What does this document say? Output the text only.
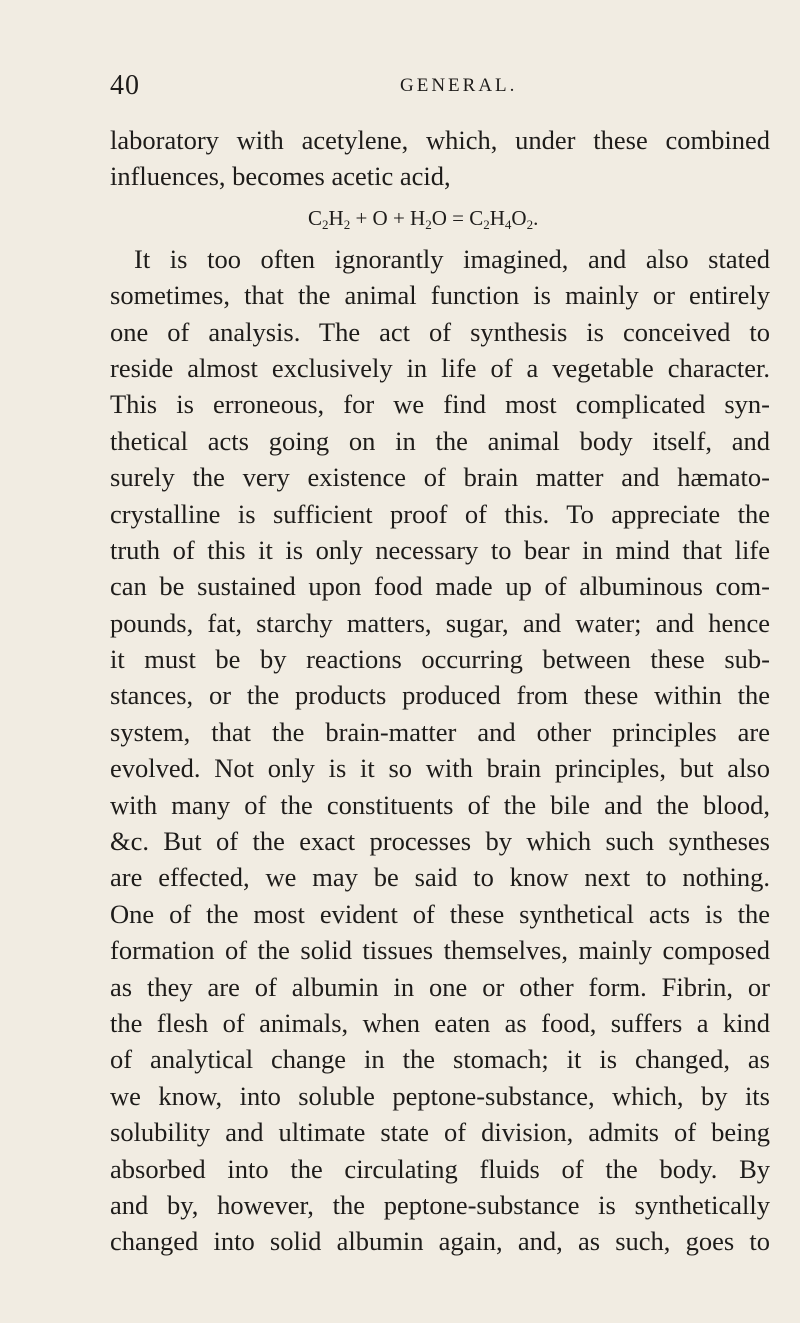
40	GENERAL.
laboratory with acetylene, which, under these combined
influences, becomes acetic acid,
$C_2H_2 + O + H_2O = C_2H_4O_2$.
It is too often ignorantly imagined, and also stated
sometimes, that the animal function is mainly or entirely
one of analysis. The act of synthesis is conceived to
reside almost exclusively in life of a vegetable character.
This is erroneous, for we find most complicated syn-
thetical acts going on in the animal body itself, and
surely the very existence of brain matter and hæmato-
crystalline is sufficient proof of this. To appreciate the
truth of this it is only necessary to bear in mind that life
can be sustained upon food made up of albuminous com-
pounds, fat, starchy matters, sugar, and water; and hence
it must be by reactions occurring between these sub-
stances, or the products produced from these within the
system, that the brain-matter and other principles are
evolved. Not only is it so with brain principles, but also
with many of the constituents of the bile and the blood,
&c. But of the exact processes by which such syntheses
are effected, we may be said to know next to nothing.
One of the most evident of these synthetical acts is the
formation of the solid tissues themselves, mainly composed
as they are of albumin in one or other form. Fibrin, or
the flesh of animals, when eaten as food, suffers a kind
of analytical change in the stomach; it is changed, as
we know, into soluble peptone-substance, which, by its
solubility and ultimate state of division, admits of being
absorbed into the circulating fluids of the body. By
and by, however, the peptone-substance is synthetically
changed into solid albumin again, and, as such, goes to
